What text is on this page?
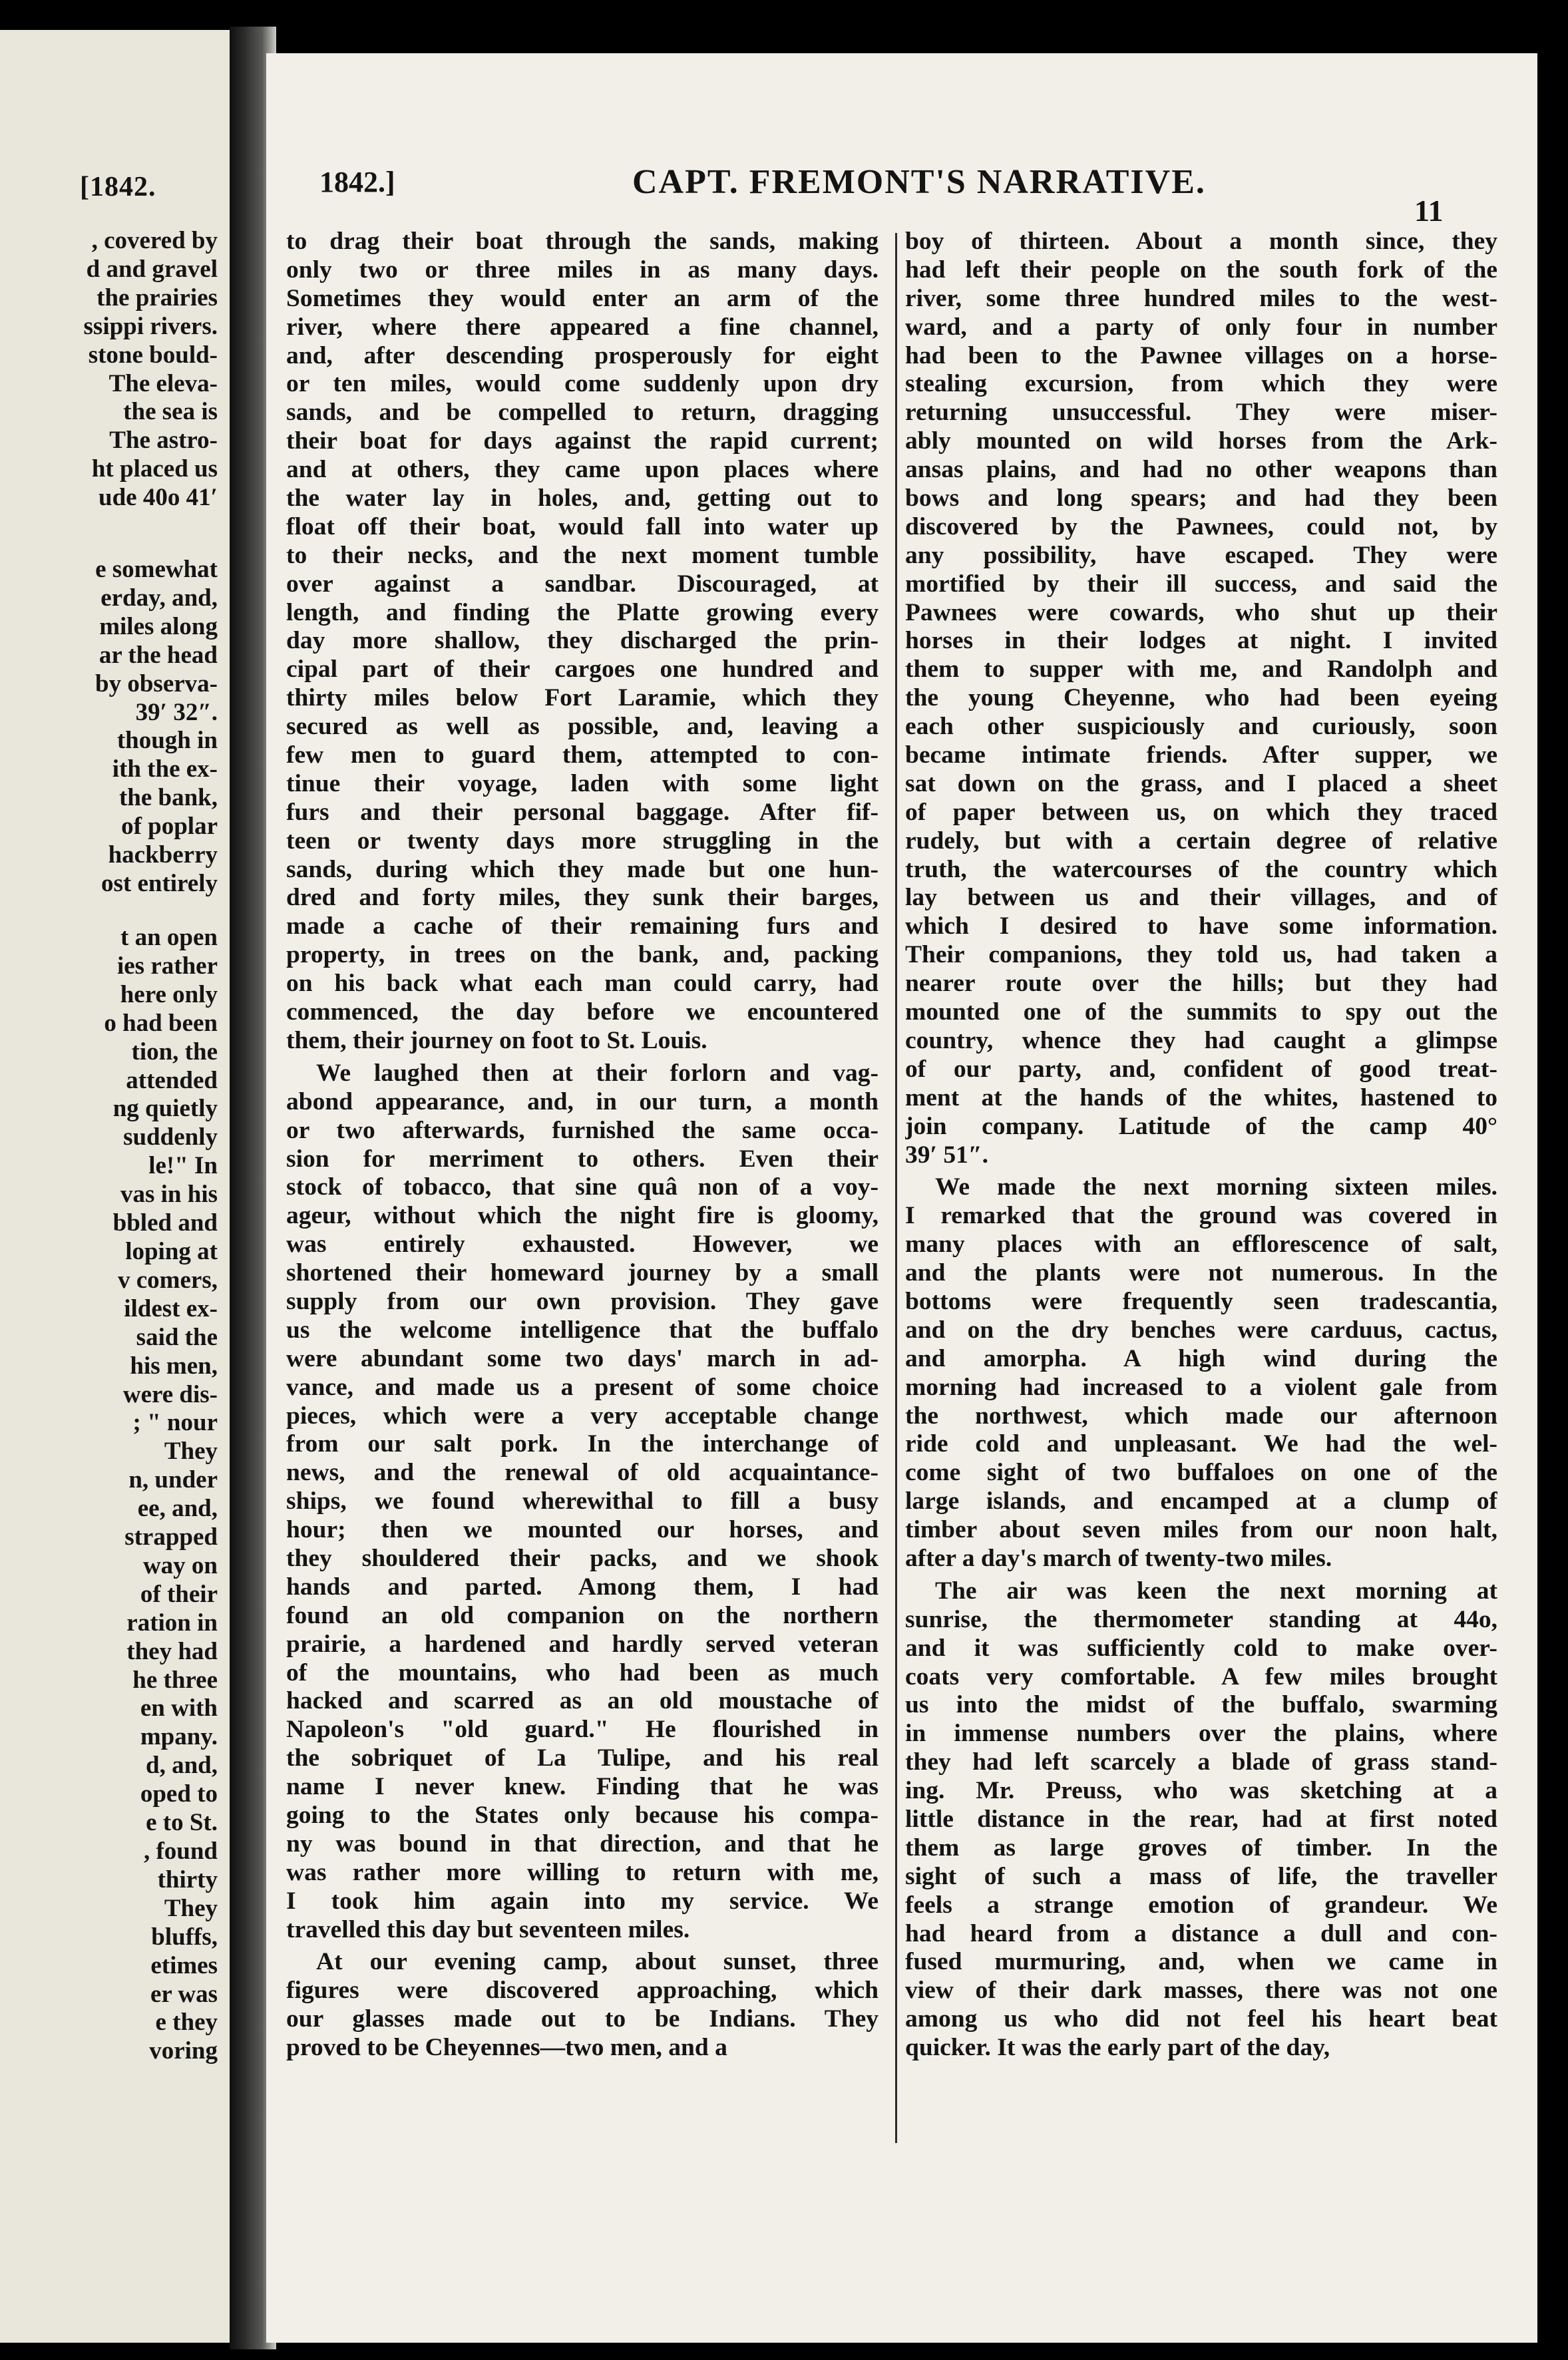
[1842.
, covered by
d and gravel
the prairies
ssippi rivers.
stone bould-
The eleva-
the sea is
The astro-
ht placed us
ude 40o 41′
e somewhat
erday, and,
miles along
ar the head
by observa-
39′ 32″.
though in
ith the ex-
the bank,
of poplar
hackberry
ost entirely
t an open
ies rather
here only
o had been
tion, the
attended
ng quietly
suddenly
le!" In
vas in his
bbled and
loping at
v comers,
ildest ex-
said the
his men,
were dis-
; " nour
They
n, under
ee, and,
strapped
way on
of their
ration in
they had
he three
en with
mpany.
d, and,
oped to
e to St.
, found
thirty
They
bluffs,
etimes
er was
e they
voring
1842.]	CAPT. FREMONT'S NARRATIVE.
11
to drag their boat through the sands, making
only two or three miles in as many days.
Sometimes they would enter an arm of the
river, where there appeared a fine channel,
and, after descending prosperously for eight
or ten miles, would come suddenly upon dry
sands, and be compelled to return, dragging
their boat for days against the rapid current;
and at others, they came upon places where
the water lay in holes, and, getting out to
float off their boat, would fall into water up
to their necks, and the next moment tumble
over against a sandbar. Discouraged, at
length, and finding the Platte growing every
day more shallow, they discharged the prin-
cipal part of their cargoes one hundred and
thirty miles below Fort Laramie, which they
secured as well as possible, and, leaving a
few men to guard them, attempted to con-
tinue their voyage, laden with some light
furs and their personal baggage. After fif-
teen or twenty days more struggling in the
sands, during which they made but one hun-
dred and forty miles, they sunk their barges,
made a cache of their remaining furs and
property, in trees on the bank, and, packing
on his back what each man could carry, had
commenced, the day before we encountered
them, their journey on foot to St. Louis.
We laughed then at their forlorn and vag-
abond appearance, and, in our turn, a month
or two afterwards, furnished the same occa-
sion for merriment to others. Even their
stock of tobacco, that sine quâ non of a voy-
ageur, without which the night fire is gloomy,
was entirely exhausted. However, we
shortened their homeward journey by a small
supply from our own provision. They gave
us the welcome intelligence that the buffalo
were abundant some two days' march in ad-
vance, and made us a present of some choice
pieces, which were a very acceptable change
from our salt pork. In the interchange of
news, and the renewal of old acquaintance-
ships, we found wherewithal to fill a busy
hour; then we mounted our horses, and
they shouldered their packs, and we shook
hands and parted. Among them, I had
found an old companion on the northern
prairie, a hardened and hardly served veteran
of the mountains, who had been as much
hacked and scarred as an old moustache of
Napoleon's "old guard." He flourished in
the sobriquet of La Tulipe, and his real
name I never knew. Finding that he was
going to the States only because his compa-
ny was bound in that direction, and that he
was rather more willing to return with me,
I took him again into my service. We
travelled this day but seventeen miles.
At our evening camp, about sunset, three
figures were discovered approaching, which
our glasses made out to be Indians. They
proved to be Cheyennes—two men, and a
boy of thirteen. About a month since, they
had left their people on the south fork of the
river, some three hundred miles to the west-
ward, and a party of only four in number
had been to the Pawnee villages on a horse-
stealing excursion, from which they were
returning unsuccessful. They were miser-
ably mounted on wild horses from the Ark-
ansas plains, and had no other weapons than
bows and long spears; and had they been
discovered by the Pawnees, could not, by
any possibility, have escaped. They were
mortified by their ill success, and said the
Pawnees were cowards, who shut up their
horses in their lodges at night. I invited
them to supper with me, and Randolph and
the young Cheyenne, who had been eyeing
each other suspiciously and curiously, soon
became intimate friends. After supper, we
sat down on the grass, and I placed a sheet
of paper between us, on which they traced
rudely, but with a certain degree of relative
truth, the watercourses of the country which
lay between us and their villages, and of
which I desired to have some information.
Their companions, they told us, had taken a
nearer route over the hills; but they had
mounted one of the summits to spy out the
country, whence they had caught a glimpse
of our party, and, confident of good treat-
ment at the hands of the whites, hastened to
join company. Latitude of the camp 40°
39′ 51″.
We made the next morning sixteen miles.
I remarked that the ground was covered in
many places with an efflorescence of salt,
and the plants were not numerous. In the
bottoms were frequently seen tradescantia,
and on the dry benches were carduus, cactus,
and amorpha. A high wind during the
morning had increased to a violent gale from
the northwest, which made our afternoon
ride cold and unpleasant. We had the wel-
come sight of two buffaloes on one of the
large islands, and encamped at a clump of
timber about seven miles from our noon halt,
after a day's march of twenty-two miles.
The air was keen the next morning at
sunrise, the thermometer standing at 44o,
and it was sufficiently cold to make over-
coats very comfortable. A few miles brought
us into the midst of the buffalo, swarming
in immense numbers over the plains, where
they had left scarcely a blade of grass stand-
ing. Mr. Preuss, who was sketching at a
little distance in the rear, had at first noted
them as large groves of timber. In the
sight of such a mass of life, the traveller
feels a strange emotion of grandeur. We
had heard from a distance a dull and con-
fused murmuring, and, when we came in
view of their dark masses, there was not one
among us who did not feel his heart beat
quicker. It was the early part of the day,
